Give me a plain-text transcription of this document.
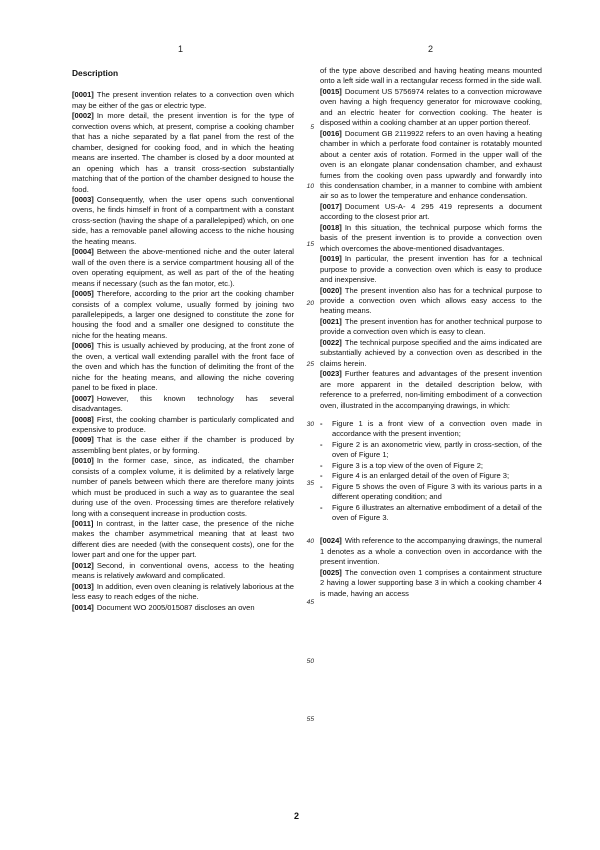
1	2
Description
[0001] The present invention relates to a convection oven which may be either of the gas or electric type.
[0002] In more detail, the present invention is for the type of convection ovens which, at present, comprise a cooking chamber that has a niche separated by a flat panel from the rest of the chamber, designed for cooking food, and in which the heating means are inserted. The chamber is closed by a door mounted at an opening which has a transit cross-section substantially matching that of the portion of the chamber designed to house the food.
[0003] Consequently, when the user opens such conventional ovens, he finds himself in front of a compartment with a constant cross-section (having the shape of a parallelepiped) which, on one side, has a removable panel allowing access to the niche housing the heating means.
[0004] Between the above-mentioned niche and the outer lateral wall of the oven there is a service compartment housing all of the oven operating equipment, as well as part of the of the heating means if necessary (such as the fan motor, etc.).
[0005] Therefore, according to the prior art the cooking chamber consists of a complex volume, usually formed by joining two parallelepipeds, a larger one designed to constitute the zone for housing the food and a smaller one designed to constitute the niche for the heating means.
[0006] This is usually achieved by producing, at the front zone of the oven, a vertical wall extending parallel with the front face of the oven and which has the function of delimiting the front of the niche for the heating means, and allowing the niche covering panel to be fixed in place.
[0007] However, this known technology has several disadvantages.
[0008] First, the cooking chamber is particularly complicated and expensive to produce.
[0009] That is the case either if the chamber is produced by assembling bent plates, or by forming.
[0010] In the former case, since, as indicated, the chamber consists of a complex volume, it is delimited by a relatively large number of panels between which there are therefore many joints which must be produced in such a way as to guarantee the seal during use of the oven. Processing times are therefore relatively long with a consequent increase in production costs.
[0011] In contrast, in the latter case, the presence of the niche makes the chamber asymmetrical meaning that at least two different dies are needed (with the consequent costs), one for the lower part and one for the upper part.
[0012] Second, in conventional ovens, access to the heating means is relatively awkward and complicated.
[0013] In addition, even oven cleaning is relatively laborious at the less easy to reach edges of the niche.
[0014] Document WO 2005/015087 discloses an oven
of the type above described and having heating means mounted onto a left side wall in a rectangular recess formed in the side wall.
[0015] Document US 5756974 relates to a convection microwave oven having a high frequency generator for microwave cooking, and an electric heater for convection cooking. The heater is disposed within a cooking chamber at an upper portion thereof.
[0016] Document GB 2119922 refers to an oven having a heating chamber in which a perforate food container is rotatably mounted about a center axis of rotation. Formed in the upper wall of the oven is an elongate planar condensation chamber, and exhaust fumes from the cooking oven pass upwardly and forwardly into this condensation chamber, in a manner to combine with ambient air so as to lower the temperature and enhance condensation.
[0017] Document US-A- 4 295 419 represents a document according to the closest prior art.
[0018] In this situation, the technical purpose which forms the basis of the present invention is to provide a convection oven which overcomes the above-mentioned disadvantages.
[0019] In particular, the present invention has for a technical purpose to provide a convection oven which is easy to produce and inexpensive.
[0020] The present invention also has for a technical purpose to provide a convection oven which allows easy access to the heating means.
[0021] The present invention has for another technical purpose to provide a convection oven which is easy to clean.
[0022] The technical purpose specified and the aims indicated are substantially achieved by a convection oven as described in the claims herein.
[0023] Further features and advantages of the present invention are more apparent in the detailed description below, with reference to a preferred, non-limiting embodiment of a convection oven, illustrated in the accompanying drawings, in which:
- Figure 1 is a front view of a convection oven made in accordance with the present invention;
- Figure 2 is an axonometric view, partly in cross-section, of the oven of Figure 1;
- Figure 3 is a top view of the oven of Figure 2;
- Figure 4 is an enlarged detail of the oven of Figure 3;
- Figure 5 shows the oven of Figure 3 with its various parts in a different operating condition; and
- Figure 6 illustrates an alternative embodiment of a detail of the oven of Figure 3.
[0024] With reference to the accompanying drawings, the numeral 1 denotes as a whole a convection oven in accordance with the present invention.
[0025] The convection oven 1 comprises a containment structure 2 having a lower supporting base 3 in which a cooking chamber 4 is made, having an access
5
10
15
20
25
30
35
40
45
50
55
2
